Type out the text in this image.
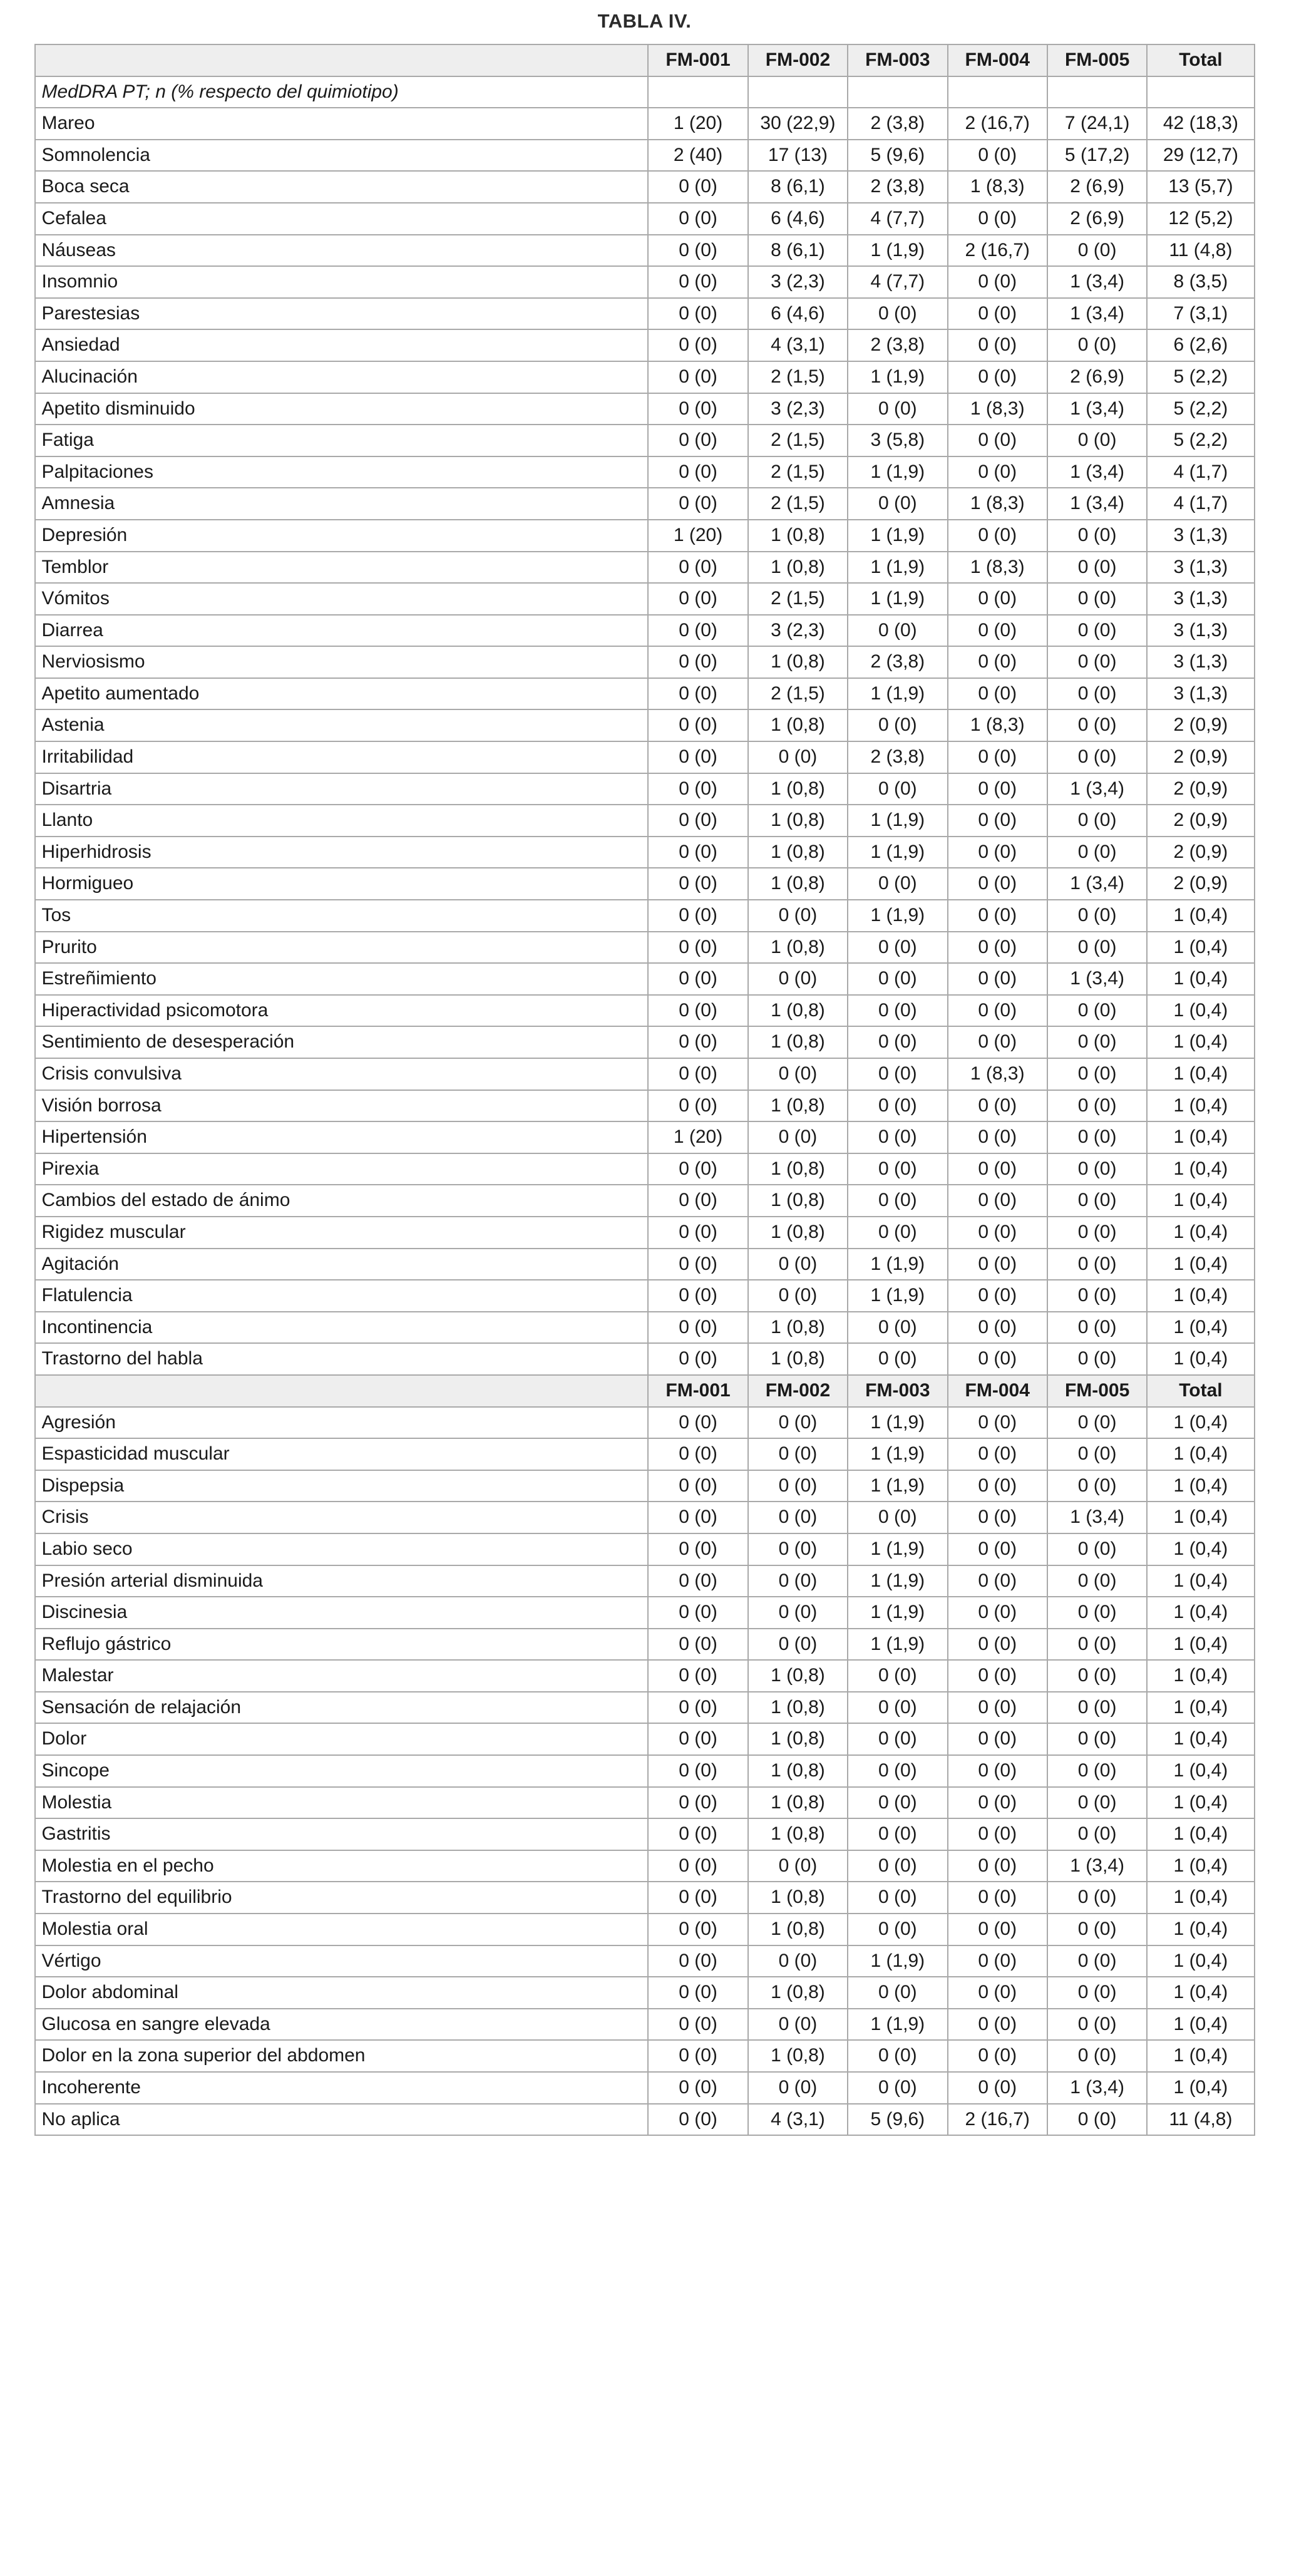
TABLA IV.
	FM-001	FM-002	FM-003	FM-004	FM-005	Total
MedDRA PT; n (% respecto del quimiotipo)						
Mareo	1 (20)	30 (22,9)	2 (3,8)	2 (16,7)	7 (24,1)	42 (18,3)
Somnolencia	2 (40)	17 (13)	5 (9,6)	0 (0)	5 (17,2)	29 (12,7)
Boca seca	0 (0)	8 (6,1)	2 (3,8)	1 (8,3)	2 (6,9)	13 (5,7)
Cefalea	0 (0)	6 (4,6)	4 (7,7)	0 (0)	2 (6,9)	12 (5,2)
Náuseas	0 (0)	8 (6,1)	1 (1,9)	2 (16,7)	0 (0)	11 (4,8)
Insomnio	0 (0)	3 (2,3)	4 (7,7)	0 (0)	1 (3,4)	8 (3,5)
Parestesias	0 (0)	6 (4,6)	0 (0)	0 (0)	1 (3,4)	7 (3,1)
Ansiedad	0 (0)	4 (3,1)	2 (3,8)	0 (0)	0 (0)	6 (2,6)
Alucinación	0 (0)	2 (1,5)	1 (1,9)	0 (0)	2 (6,9)	5 (2,2)
Apetito disminuido	0 (0)	3 (2,3)	0 (0)	1 (8,3)	1 (3,4)	5 (2,2)
Fatiga	0 (0)	2 (1,5)	3 (5,8)	0 (0)	0 (0)	5 (2,2)
Palpitaciones	0 (0)	2 (1,5)	1 (1,9)	0 (0)	1 (3,4)	4 (1,7)
Amnesia	0 (0)	2 (1,5)	0 (0)	1 (8,3)	1 (3,4)	4 (1,7)
Depresión	1 (20)	1 (0,8)	1 (1,9)	0 (0)	0 (0)	3 (1,3)
Temblor	0 (0)	1 (0,8)	1 (1,9)	1 (8,3)	0 (0)	3 (1,3)
Vómitos	0 (0)	2 (1,5)	1 (1,9)	0 (0)	0 (0)	3 (1,3)
Diarrea	0 (0)	3 (2,3)	0 (0)	0 (0)	0 (0)	3 (1,3)
Nerviosismo	0 (0)	1 (0,8)	2 (3,8)	0 (0)	0 (0)	3 (1,3)
Apetito aumentado	0 (0)	2 (1,5)	1 (1,9)	0 (0)	0 (0)	3 (1,3)
Astenia	0 (0)	1 (0,8)	0 (0)	1 (8,3)	0 (0)	2 (0,9)
Irritabilidad	0 (0)	0 (0)	2 (3,8)	0 (0)	0 (0)	2 (0,9)
Disartria	0 (0)	1 (0,8)	0 (0)	0 (0)	1 (3,4)	2 (0,9)
Llanto	0 (0)	1 (0,8)	1 (1,9)	0 (0)	0 (0)	2 (0,9)
Hiperhidrosis	0 (0)	1 (0,8)	1 (1,9)	0 (0)	0 (0)	2 (0,9)
Hormigueo	0 (0)	1 (0,8)	0 (0)	0 (0)	1 (3,4)	2 (0,9)
Tos	0 (0)	0 (0)	1 (1,9)	0 (0)	0 (0)	1 (0,4)
Prurito	0 (0)	1 (0,8)	0 (0)	0 (0)	0 (0)	1 (0,4)
Estreñimiento	0 (0)	0 (0)	0 (0)	0 (0)	1 (3,4)	1 (0,4)
Hiperactividad psicomotora	0 (0)	1 (0,8)	0 (0)	0 (0)	0 (0)	1 (0,4)
Sentimiento de desesperación	0 (0)	1 (0,8)	0 (0)	0 (0)	0 (0)	1 (0,4)
Crisis convulsiva	0 (0)	0 (0)	0 (0)	1 (8,3)	0 (0)	1 (0,4)
Visión borrosa	0 (0)	1 (0,8)	0 (0)	0 (0)	0 (0)	1 (0,4)
Hipertensión	1 (20)	0 (0)	0 (0)	0 (0)	0 (0)	1 (0,4)
Pirexia	0 (0)	1 (0,8)	0 (0)	0 (0)	0 (0)	1 (0,4)
Cambios del estado de ánimo	0 (0)	1 (0,8)	0 (0)	0 (0)	0 (0)	1 (0,4)
Rigidez muscular	0 (0)	1 (0,8)	0 (0)	0 (0)	0 (0)	1 (0,4)
Agitación	0 (0)	0 (0)	1 (1,9)	0 (0)	0 (0)	1 (0,4)
Flatulencia	0 (0)	0 (0)	1 (1,9)	0 (0)	0 (0)	1 (0,4)
Incontinencia	0 (0)	1 (0,8)	0 (0)	0 (0)	0 (0)	1 (0,4)
Trastorno del habla	0 (0)	1 (0,8)	0 (0)	0 (0)	0 (0)	1 (0,4)
	FM-001	FM-002	FM-003	FM-004	FM-005	Total
Agresión	0 (0)	0 (0)	1 (1,9)	0 (0)	0 (0)	1 (0,4)
Espasticidad muscular	0 (0)	0 (0)	1 (1,9)	0 (0)	0 (0)	1 (0,4)
Dispepsia	0 (0)	0 (0)	1 (1,9)	0 (0)	0 (0)	1 (0,4)
Crisis	0 (0)	0 (0)	0 (0)	0 (0)	1 (3,4)	1 (0,4)
Labio seco	0 (0)	0 (0)	1 (1,9)	0 (0)	0 (0)	1 (0,4)
Presión arterial disminuida	0 (0)	0 (0)	1 (1,9)	0 (0)	0 (0)	1 (0,4)
Discinesia	0 (0)	0 (0)	1 (1,9)	0 (0)	0 (0)	1 (0,4)
Reflujo gástrico	0 (0)	0 (0)	1 (1,9)	0 (0)	0 (0)	1 (0,4)
Malestar	0 (0)	1 (0,8)	0 (0)	0 (0)	0 (0)	1 (0,4)
Sensación de relajación	0 (0)	1 (0,8)	0 (0)	0 (0)	0 (0)	1 (0,4)
Dolor	0 (0)	1 (0,8)	0 (0)	0 (0)	0 (0)	1 (0,4)
Sincope	0 (0)	1 (0,8)	0 (0)	0 (0)	0 (0)	1 (0,4)
Molestia	0 (0)	1 (0,8)	0 (0)	0 (0)	0 (0)	1 (0,4)
Gastritis	0 (0)	1 (0,8)	0 (0)	0 (0)	0 (0)	1 (0,4)
Molestia en el pecho	0 (0)	0 (0)	0 (0)	0 (0)	1 (3,4)	1 (0,4)
Trastorno del equilibrio	0 (0)	1 (0,8)	0 (0)	0 (0)	0 (0)	1 (0,4)
Molestia oral	0 (0)	1 (0,8)	0 (0)	0 (0)	0 (0)	1 (0,4)
Vértigo	0 (0)	0 (0)	1 (1,9)	0 (0)	0 (0)	1 (0,4)
Dolor abdominal	0 (0)	1 (0,8)	0 (0)	0 (0)	0 (0)	1 (0,4)
Glucosa en sangre elevada	0 (0)	0 (0)	1 (1,9)	0 (0)	0 (0)	1 (0,4)
Dolor en la zona superior del abdomen	0 (0)	1 (0,8)	0 (0)	0 (0)	0 (0)	1 (0,4)
Incoherente	0 (0)	0 (0)	0 (0)	0 (0)	1 (3,4)	1 (0,4)
No aplica	0 (0)	4 (3,1)	5 (9,6)	2 (16,7)	0 (0)	11 (4,8)
